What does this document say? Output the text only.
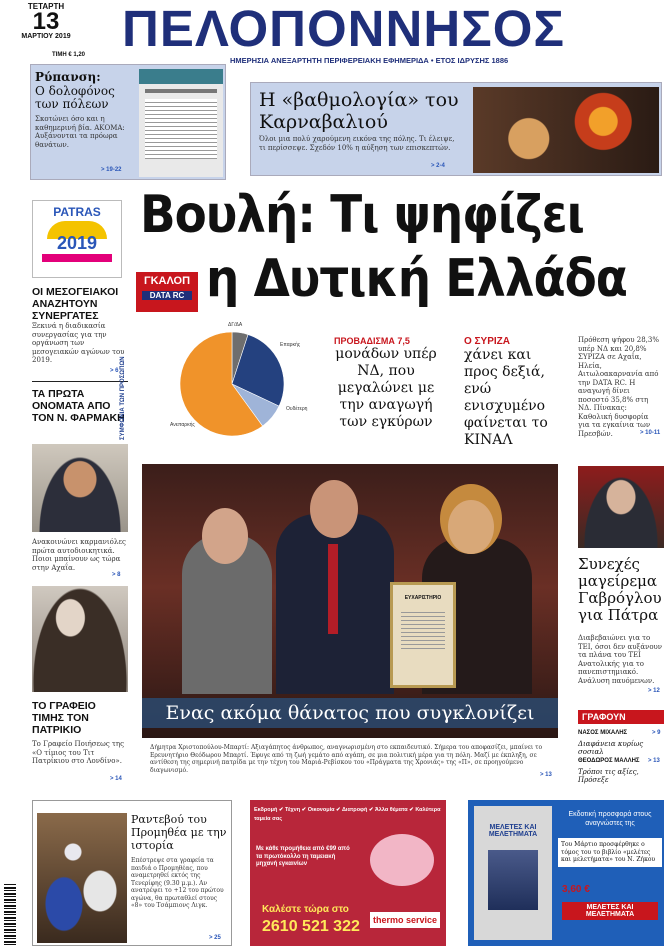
ΤΕΤΑΡΤΗ
13
ΜΑΡΤΙΟΥ 2019
ΤΙΜΗ € 1,20 ΠΕΛΟΠΟΝΝΗΣΟΣ
ΗΜΕΡΗΣΙΑ ΑΝΕΞΑΡΤΗΤΗ ΠΕΡΙΦΕΡΕΙΑΚΗ ΕΦΗΜΕΡΙΔΑ • ΕΤΟΣ ΙΔΡΥΣΗΣ 1886
Ρύπανση:
Ο δολοφόνος των πόλεων
Σκοτώνει όσο και η καθημερινή βία. ΑΚΟΜΑ: Αυξάνονται τα πρόωρα θανάτων.
> 19-22
Η «βαθμολογία» του Καρναβαλιού
Όλοι μια πολύ χαρούμενη εικόνα της πόλης. Τι έλειψε, τι περίσσεψε. Σχεδόν 10% η αύξηση των επισκεπτών.
> 2-4
PATRAS
2019
ΟΙ ΜΕΣΟΓΕΙΑΚΟΙ ΑΝΑΖΗΤΟΥΝ ΣΥΝΕΡΓΑΤΕΣ
Ξεκινά η διαδικασία συνεργασίας για την οργάνωση των μεσογειακών αγώνων του 2019.
> 6
ΤΑ ΠΡΩΤΑ ΟΝΟΜΑΤΑ ΑΠΟ ΤΟΝ Ν. ΦΑΡΜΑΚΗ
Ανακοινώνει καρμανιόλες πρώτα αυτοδιοικητικά. Ποιοι μπαίνουν ως τώρα στην Αχαΐα.
> 8
ΤΟ ΓΡΑΦΕΙΟ ΤΙΜΗΣ ΤΟΝ ΠΑΤΡΙΚΙΟ
Το Γραφείο Ποιήσεως της «Ο τίμιος του Τιτ Πατρίκιου στο Λονδίνο».
> 14
Βουλή: Τι ψηφίζει
ΓΚΑΛΟΠ
DATA RC η Δυτική Ελλάδα
ΣΥΜΦΩΝΙΑ ΤΩΝ ΠΡΟΣΩΠΩΝ
ΔΓ/ΔΑ
Επαρκής
Ουδέτερη
Ανεπαρκής
ΠΡΟΒΑΔΙΣΜΑ 7,5
μονάδων υπέρ ΝΔ, που μεγαλώνει με την αναγωγή των εγκύρων
Ο ΣΥΡΙΖΑ
χάνει και προς δεξιά, ενώ ενισχυμένο φαίνεται το ΚΙΝΑΛ
Πρόθεση ψήφου 28,3% υπέρ ΝΔ και 20,8% ΣΥΡΙΖΑ σε Αχαΐα, Ηλεία, Αιτωλοακαρνανία από την DATA RC. Η αναγωγή δίνει ποσοστό 35,8% στη ΝΔ. Πίνακας: Καθολική δυσφορία για τα εγκαίνια των Πρεσβών.	> 10-11
ΕΥΧΑΡΙΣΤΗΡΙΟ
Ενας ακόμα θάνατος που συγκλονίζει
Δήμητρα Χριστοπούλου-Μπαρτί: Αξιαγάπητος άνθρωπος, αναγνωρισμένη στο εκπαιδευτικό. Σήμερα του αποφασίζει, μπαίνει το Ερευνητήριο Θεόδωρου Μπαρτί. Έφυγε από τη ζωή γεμάτο από αγάπη, σε μια πολιτική μέρα για τη πόλη. Μαζί με έκπληξη, σε αντίθεση της σημερινή πατρίδα με την τέχνη του Μαριά-Ρεβίσκου του «Πράγματα της Χρονιάς» της «Π», σε προηγούμενο διαγωνισμό.
> 13
Συνεχές μαγείρεμα Γαβρόγλου για Πάτρα
Διαβεβαιώνει για το ΤΕΙ, όσοι δεν αυξάνουν τα πλάνα του ΤΕΙ Ανατολικής για το πανεπιστημιακό. Ανάλυση παυόμενων.
> 12
ΓΡΑΦΟΥΝ
ΝΑΣΟΣ ΜΙΧΑΛΗΣ
Διαφάνεια κυρίως σοσιαλ
> 9
ΘΕΟΔΩΡΟΣ ΜΑΛΛΗΣ
Τρόποι τις αξίες, Πρόσεξε
> 13
Ραντεβού του Προμηθέα με την ιστορία
Επέστρεψε στα γραφεία τα παιδιά ο Προμηθέας, που αναμετρηθεί εκτός της Τενερίφης (9.30 μ.μ.). Αν ανατρέψει το +12 του πρώτου αγώνα, θα πρωταθλεί στους «8» του Τσάμπιονς Λιγκ.
> 25
Εκδρομή ✔ Τέχνη ✔ Οικονομία ✔ Διατροφή ✔ Άλλα θέματα ✔ Καλύτερα ταμεία σας
Με κάθε προμήθεια από €99 από τα πρωτόκολλο τη ταμειακή μηχανή εγκαινίων
Καλέστε τώρα στο
2610 521 322	thermo service
ΜΕΛΕΤΕΣ ΚΑΙ ΜΕΛΕΤΗΜΑΤΑ
Εκδοτική προσφορά στους αναγνώστες της
Του Μάρτιο προσφέρθηκε ο τόμος του το βιβλίο «μελέτες και μελετήματα» του Ν. Ζήκου
3,60 €
ΜΕΛΕΤΕΣ ΚΑΙ ΜΕΛΕΤΗΜΑΤΑ
